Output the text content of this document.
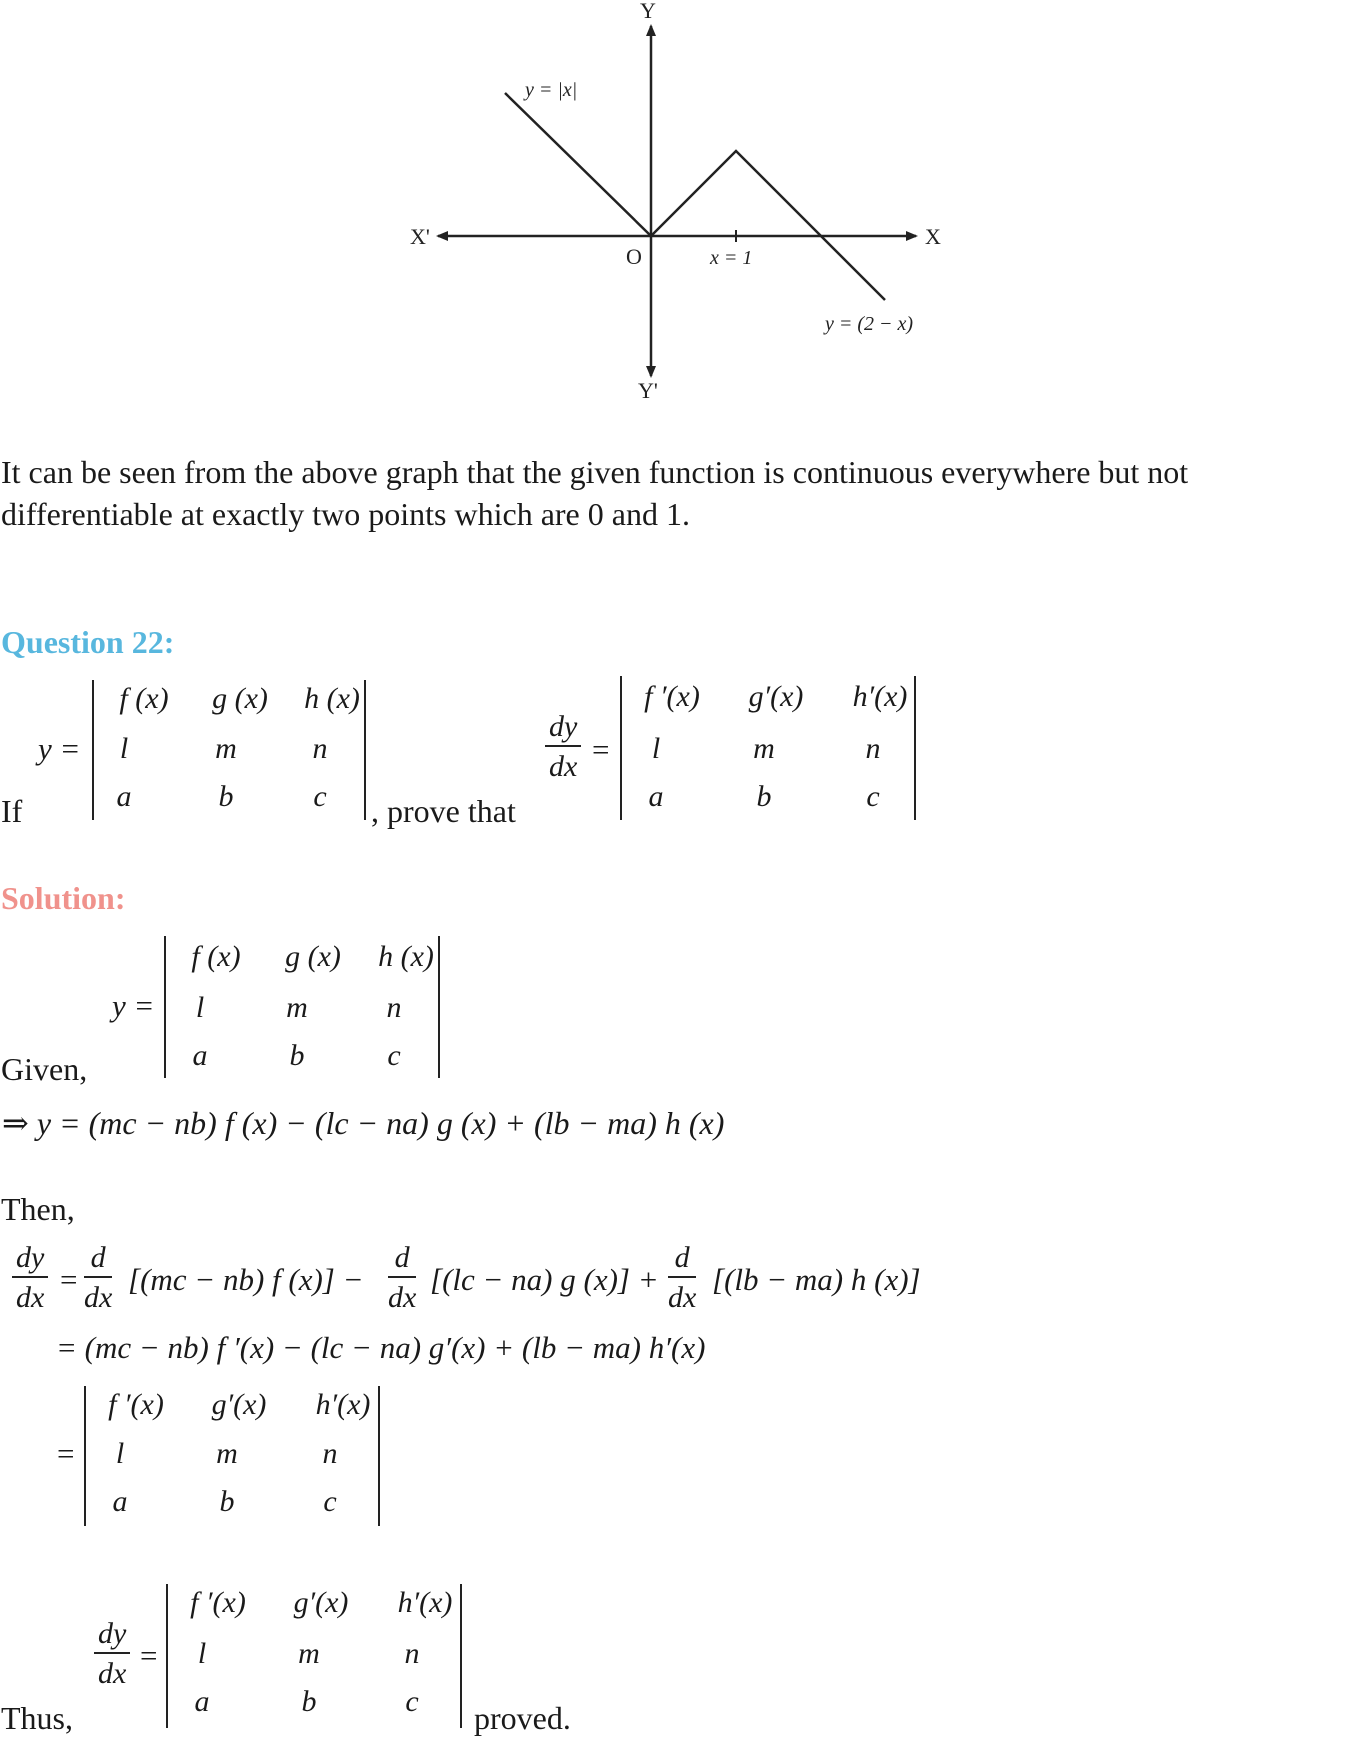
Y
Y'
X'	X
O	x = 1
y = |x|
y = (2 − x)
It can be seen from the above graph that the given function is continuous everywhere but not
differentiable at exactly two points which are 0 and 1.
Question 22:
If
y =
f (x)	g (x)	h (x)
l	m	n
a	b	c	, prove that
$\frac{dy}{dx}$ =
f ′(x)	g′(x)	h′(x)
l	m	n
a	b	c
Solution:
Given,
y =
f (x)	g (x)	h (x)
l	m	n
a	b	c
⇒ y = (mc − nb) f (x) − (lc − na) g (x) + (lb − ma) h (x)
Then,
$\frac{dy}{dx} = \frac{d}{dx} [(mc - nb)$ f $(x)] - \frac{d}{dx} [(lc - na)$ g $(x)] + \frac{d}{dx} [(lb - ma)$ h (x)]
= (mc − nb) f ′(x) − (lc − na) g′(x) + (lb − ma) h′(x)
=
f ′(x)	g′(x)	h′(x)
l	m	n
a	b	c
Thus,
$\frac{dy}{dx}$ =
f ′(x)	g′(x)	h′(x)
l	m	n
a	b	c	proved.
